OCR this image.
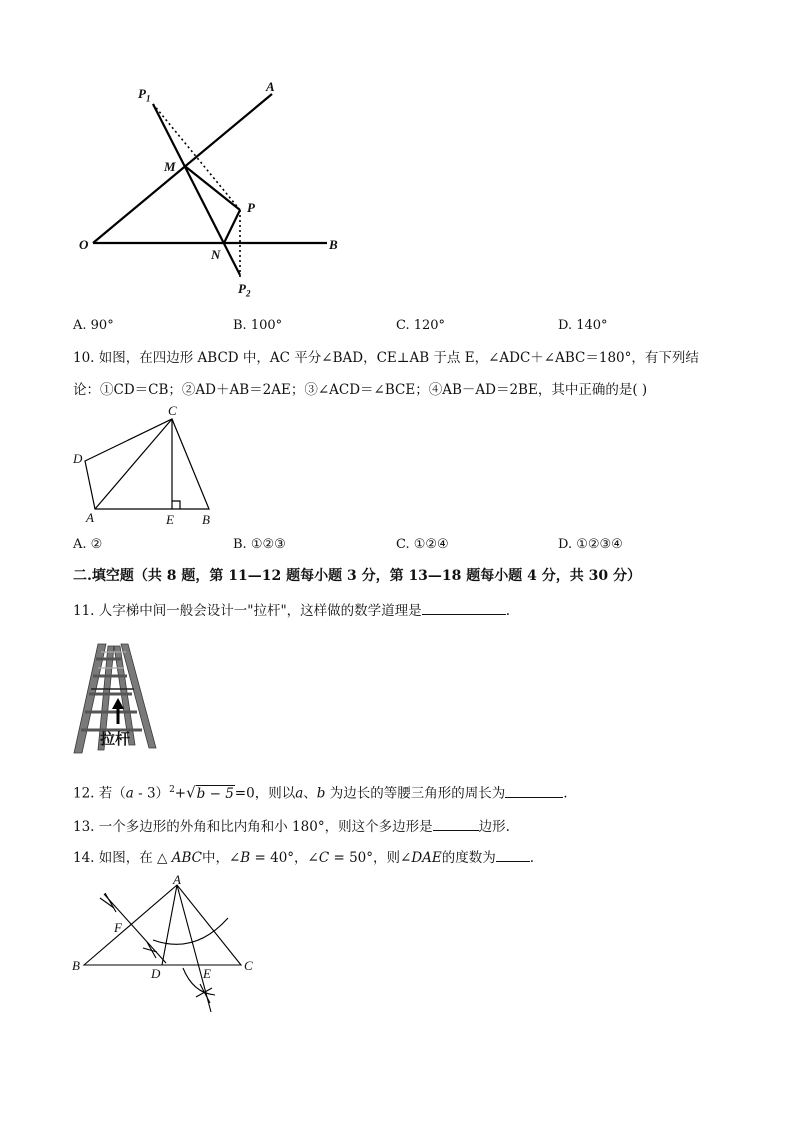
$P_1$
A
M
P
O
N
B
$P_2$
A. 90°	B. 100°	C. 120°	D. 140°
10. 如图，在四边形 ABCD 中，AC 平分∠BAD，CE⊥AB 于点 E，∠ADC＋∠ABC＝180°，有下列结
论：①CD＝CB；②AD＋AB＝2AE；③∠ACD＝∠BCE；④AB－AD＝2BE，其中正确的是( )
C
D
A	E B
A. ②	B. ①②③	C. ①②④	D. ①②③④
二.填空题（共 8 题，第 11—12 题每小题 3 分，第 13—18 题每小题 4 分，共 30 分）
11. 人字梯中间一般会设计一"拉杆"，这样做的数学道理是	.
拉杆
12. 若（a - 3）$^2$+√b − 5=0，则以a、b 为边长的等腰三角形的周长为	.
13. 一个多边形的外角和比内角和小 180°，则这个多边形是	边形.
14. 如图，在 △ ABC中，∠B = 40°，∠C = 50°，则∠DAE的度数为	.
A
F
B
D	E
C
